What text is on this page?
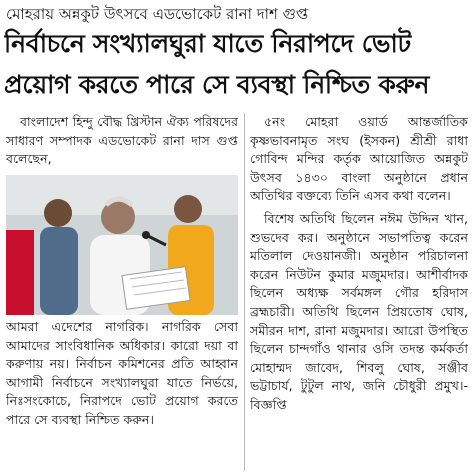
মোহরায় অন্নকুট উৎসবে এডভোকেট রানা দাশ গুপ্ত
নির্বাচনে সংখ্যালঘুরা যাতে নিরাপদে ভোট
প্রয়োগ করতে পারে সে ব্যবস্থা নিশ্চিত করুন

বাংলাদেশ হিন্দু বৌদ্ধ খ্রিস্টান ঐক্য পরিষদের সাধারণ সম্পাদক এডভোকেট রানা দাস গুপ্ত বলেছেন,

আমরা এদেশের নাগরিক। নাগরিক সেবা আমাদের সাংবিধানিক অধিকার। কারো দয়া বা করুণায় নয়। নির্বাচন কমিশনের প্রতি আহ্বান আগামী নির্বাচনে সংখ্যালঘুরা যাতে নির্ভয়ে, নিঃসংকোচে, নিরাপদে ভোট প্রয়োগ করতে পারে সে ব্যবস্থা নিশ্চিত করুন।

৫নং মোহরা ওয়ার্ড আন্তর্জাতিক কৃষ্ণভাবনামৃত সংঘ (ইসকন) শ্রীশ্রী রাধা গোবিন্দ মন্দির কর্তৃক আয়োজিত অন্নকুট উৎসব ১৪৩০ বাংলা অনুষ্ঠানে প্রধান অতিথির বক্তব্যে তিনি এসব কথা বলেন।

বিশেষ অতিথি ছিলেন নঈম উদ্দিন খান, শুভদেব কর। অনুষ্ঠানে সভাপতিত্ব করেন মতিলাল দেওয়ানজী। অনুষ্ঠান পরিচালনা করেন নিউটন কুমার মজুমদার। আশীর্বাদক ছিলেন অধ্যক্ষ সর্বমঙ্গল গৌর হরিদাস ব্রহ্মচারী। অতিথি ছিলেন প্রিয়তোষ ঘোষ, সমীরন দাশ, রানা মজুমদার। আরো উপস্থিত ছিলেন চান্দগাঁও থানার ওসি তদন্ত কর্মকর্তা মোহাম্মদ জাবেদ, শিবলু ঘোষ, সঞ্জীব ভট্টাচার্য, টুটুল নাথ, জনি চৌধুরী প্রমুখ।-বিজ্ঞপ্তি
